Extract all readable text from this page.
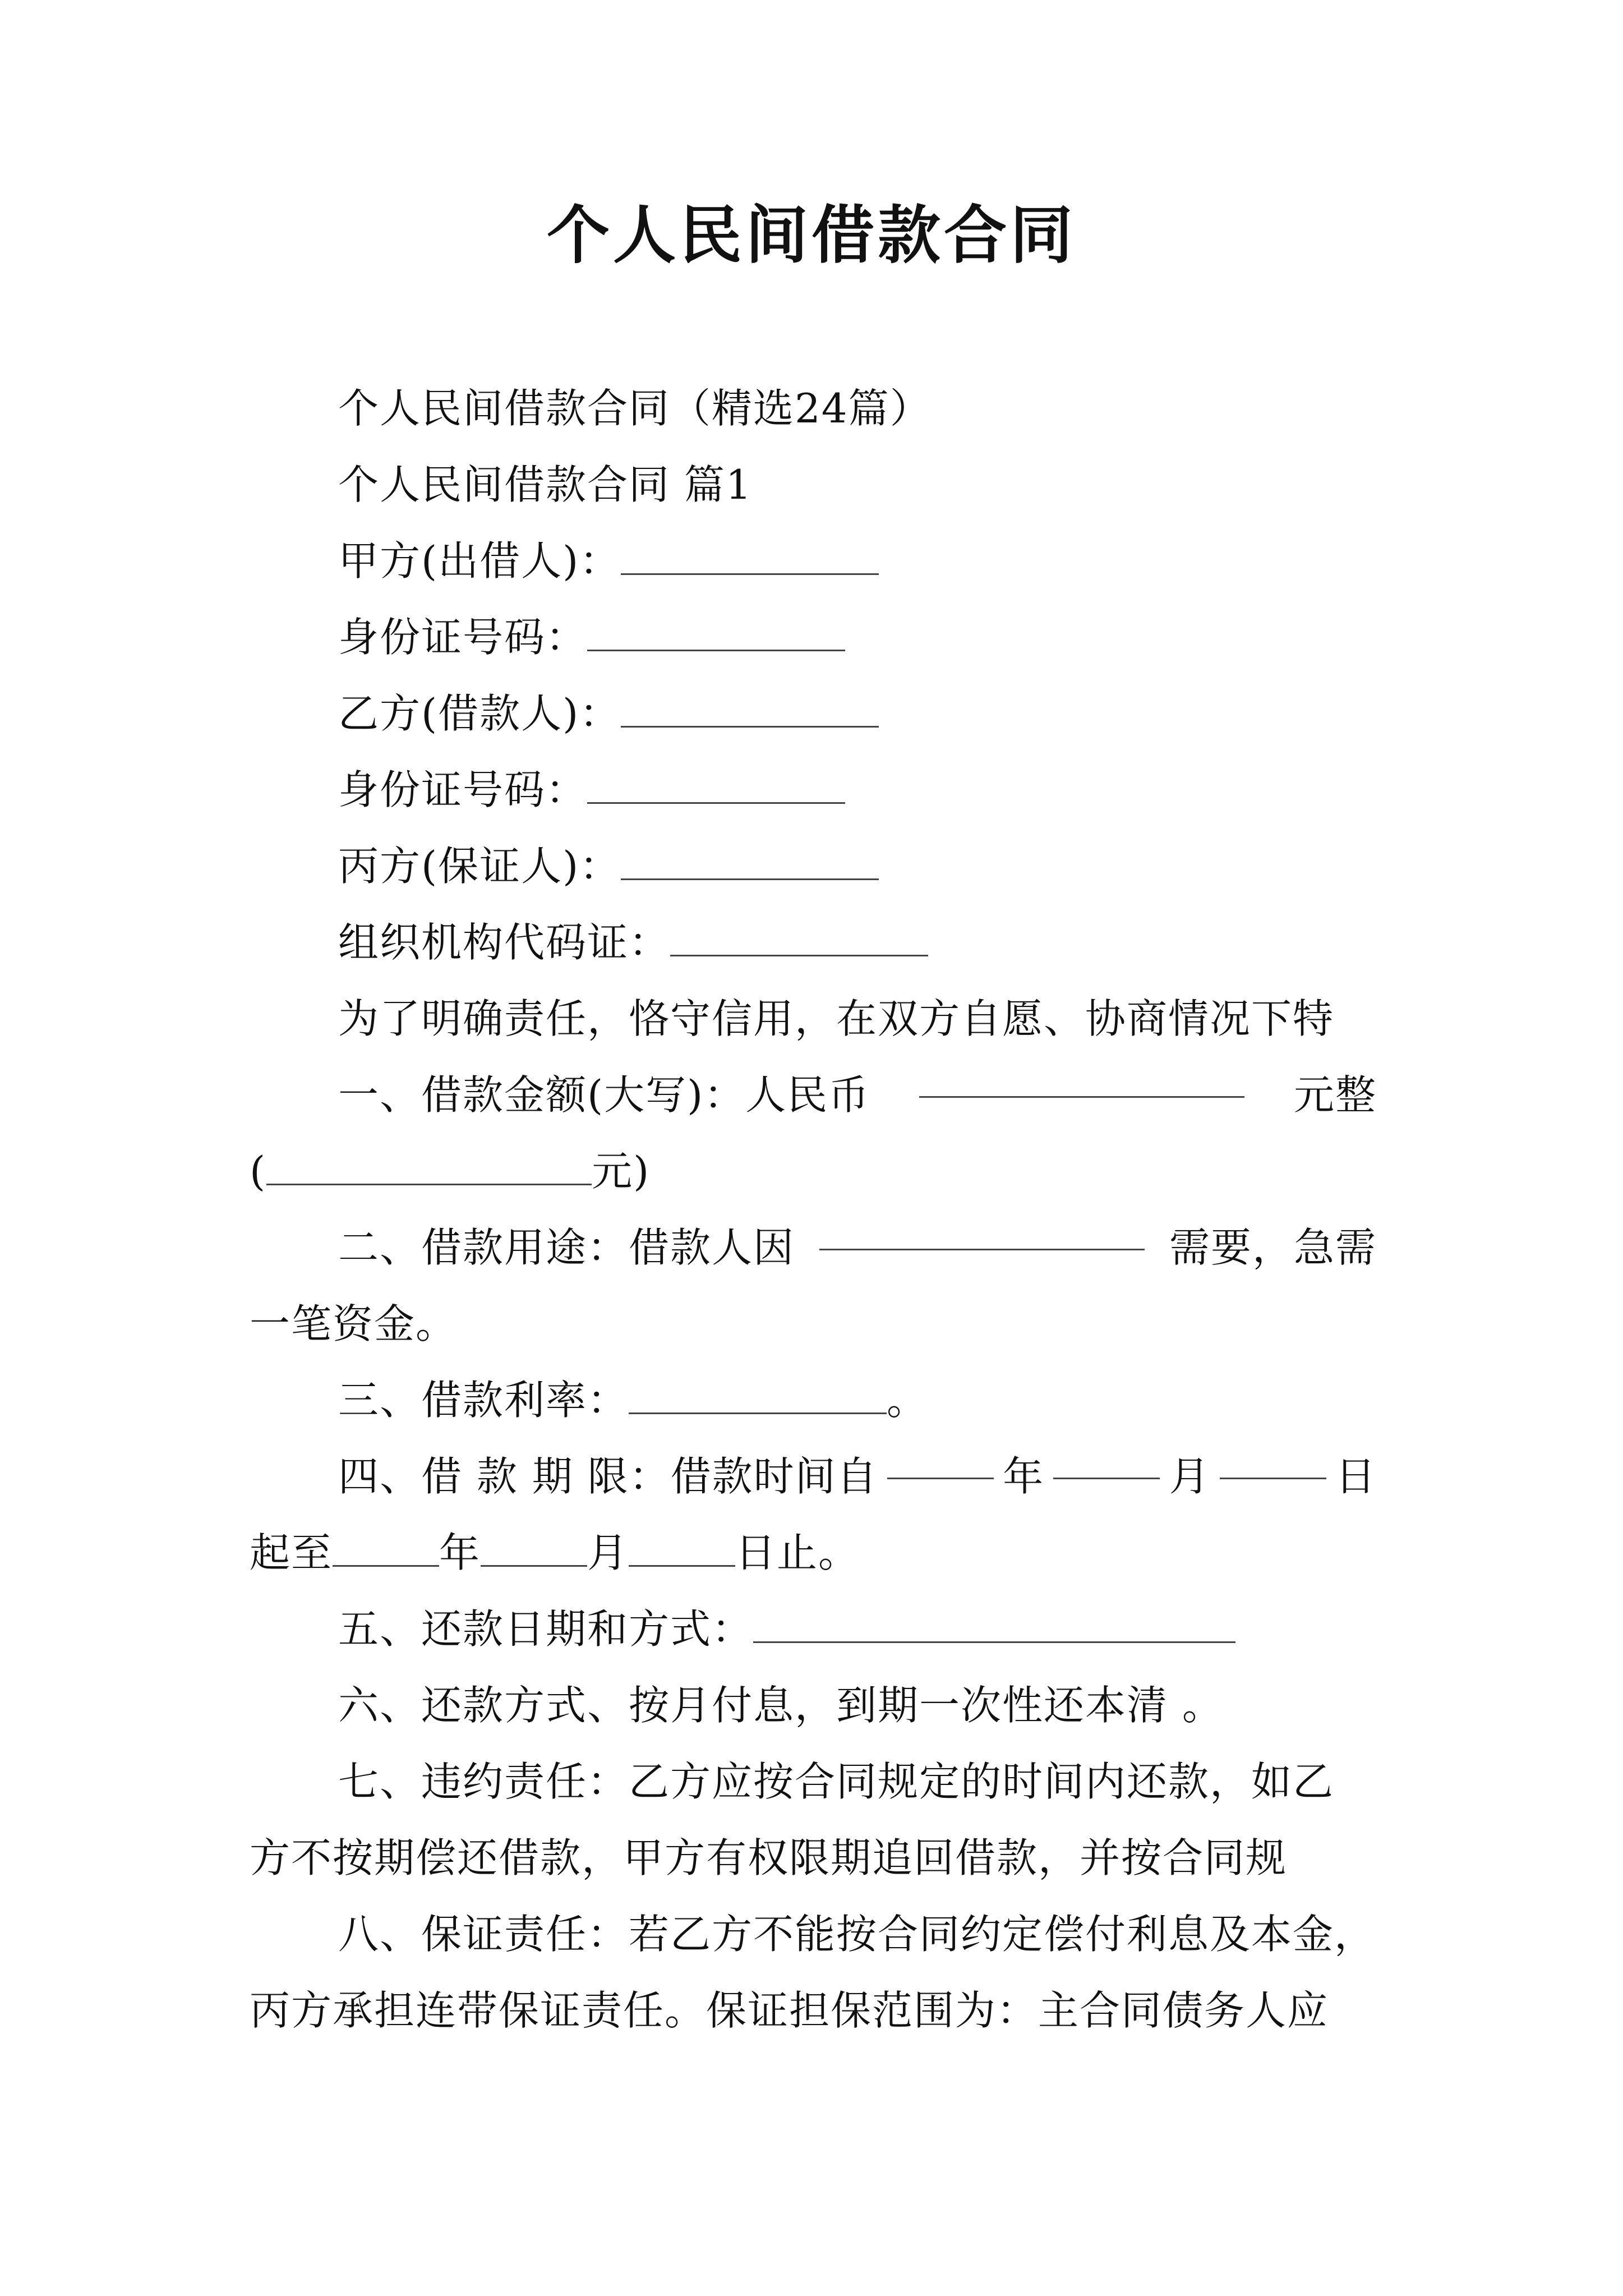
个人民间借款合同
个人民间借款合同（精选24篇）
个人民间借款合同 篇1
甲方(出借人)：
身份证号码：
乙方(借款人)：
身份证号码：
丙方(保证人)：
组织机构代码证：
为了明确责任，恪守信用，在双方自愿、协商情况下特
一、借款金额(大写)：人民币	元整
(	元)
二、借款用途：借款人因	需要，急需
一笔资金。
三、借款利率：	。
四、借 款 期 限：借款时间自	年	月	日
起至	年	月	日止。
五、还款日期和方式：
六、还款方式、按月付息，到期一次性还本清 。
七、违约责任：乙方应按合同规定的时间内还款，如乙
方不按期偿还借款，甲方有权限期追回借款，并按合同规
八、保证责任：若乙方不能按合同约定偿付利息及本金，
丙方承担连带保证责任。保证担保范围为：主合同债务人应
